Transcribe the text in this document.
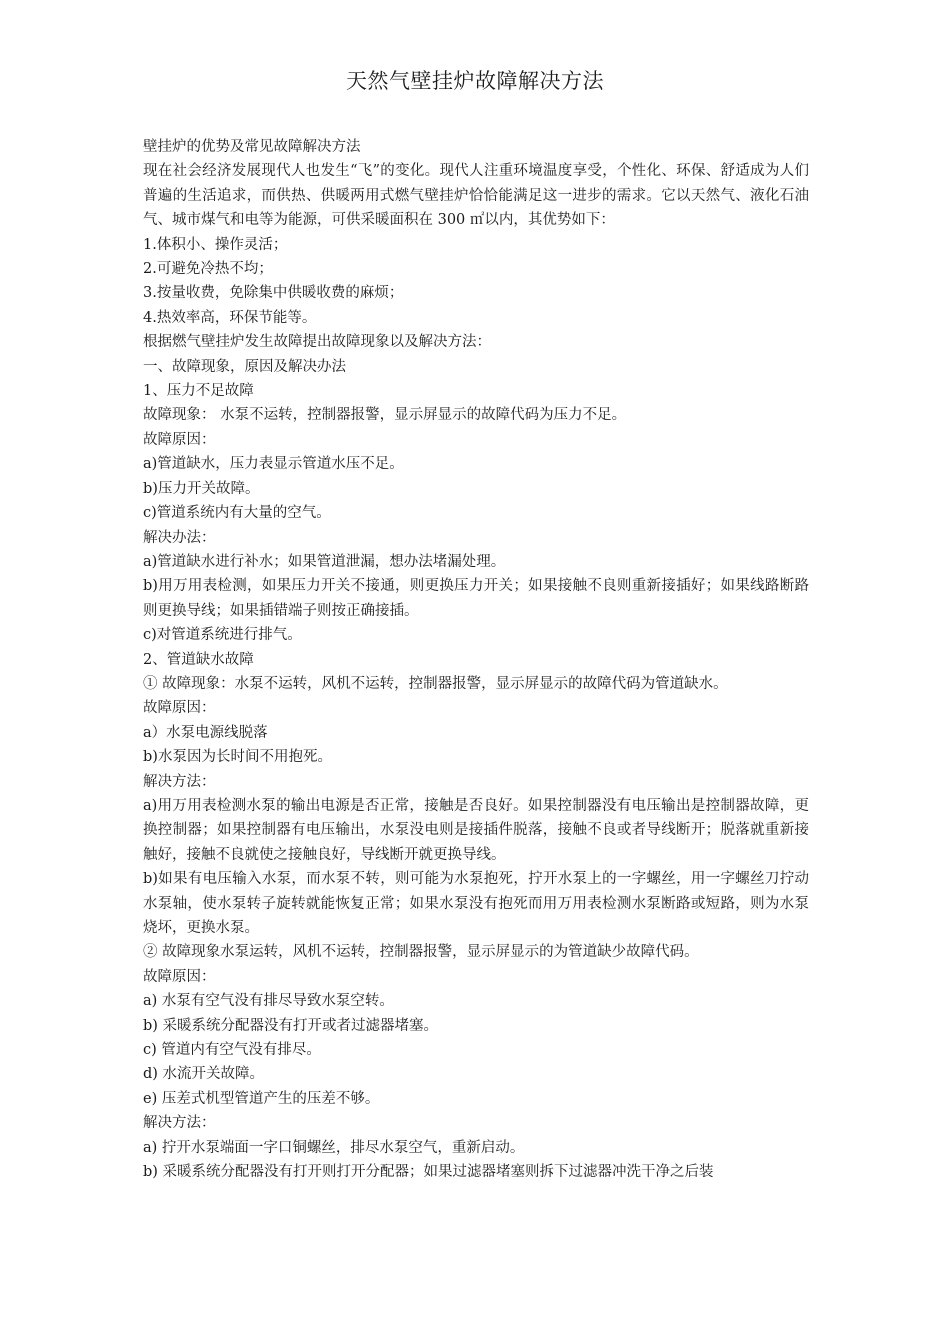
天然气壁挂炉故障解决方法

壁挂炉的优势及常见故障解决方法

现在社会经济发展现代人也发生“飞”的变化。现代人注重环境温度享受，个性化、环保、舒适成为人们普遍的生活追求，而供热、供暖两用式燃气壁挂炉恰恰能满足这一进步的需求。它以天然气、液化石油气、城市煤气和电等为能源，可供采暖面积在 300 ㎡以内，其优势如下：

1.体积小、操作灵活；

2.可避免冷热不均；

3.按量收费，免除集中供暖收费的麻烦；

4.热效率高，环保节能等。

根据燃气壁挂炉发生故障提出故障现象以及解决方法：

一、故障现象，原因及解决办法

1、压力不足故障

故障现象： 水泵不运转，控制器报警，显示屏显示的故障代码为压力不足。

故障原因：

a)管道缺水，压力表显示管道水压不足。

b)压力开关故障。

c)管道系统内有大量的空气。

解决办法：

a)管道缺水进行补水；如果管道泄漏，想办法堵漏处理。

b)用万用表检测，如果压力开关不接通，则更换压力开关；如果接触不良则重新接插好；如果线路断路则更换导线；如果插错端子则按正确接插。

c)对管道系统进行排气。

2、管道缺水故障

① 故障现象：水泵不运转，风机不运转，控制器报警，显示屏显示的故障代码为管道缺水。

故障原因：

a）水泵电源线脱落

b)水泵因为长时间不用抱死。

解决方法：

a)用万用表检测水泵的输出电源是否正常，接触是否良好。如果控制器没有电压输出是控制器故障，更换控制器；如果控制器有电压输出，水泵没电则是接插件脱落，接触不良或者导线断开；脱落就重新接触好，接触不良就使之接触良好，导线断开就更换导线。

b)如果有电压输入水泵，而水泵不转，则可能为水泵抱死，拧开水泵上的一字螺丝，用一字螺丝刀拧动水泵轴，使水泵转子旋转就能恢复正常；如果水泵没有抱死而用万用表检测水泵断路或短路，则为水泵烧坏，更换水泵。

② 故障现象水泵运转，风机不运转，控制器报警，显示屏显示的为管道缺少故障代码。

故障原因：

a) 水泵有空气没有排尽导致水泵空转。

b) 采暖系统分配器没有打开或者过滤器堵塞。

c) 管道内有空气没有排尽。

d) 水流开关故障。

e) 压差式机型管道产生的压差不够。

解决方法：

a) 拧开水泵端面一字口铜螺丝，排尽水泵空气，重新启动。

b) 采暖系统分配器没有打开则打开分配器；如果过滤器堵塞则拆下过滤器冲洗干净之后装
